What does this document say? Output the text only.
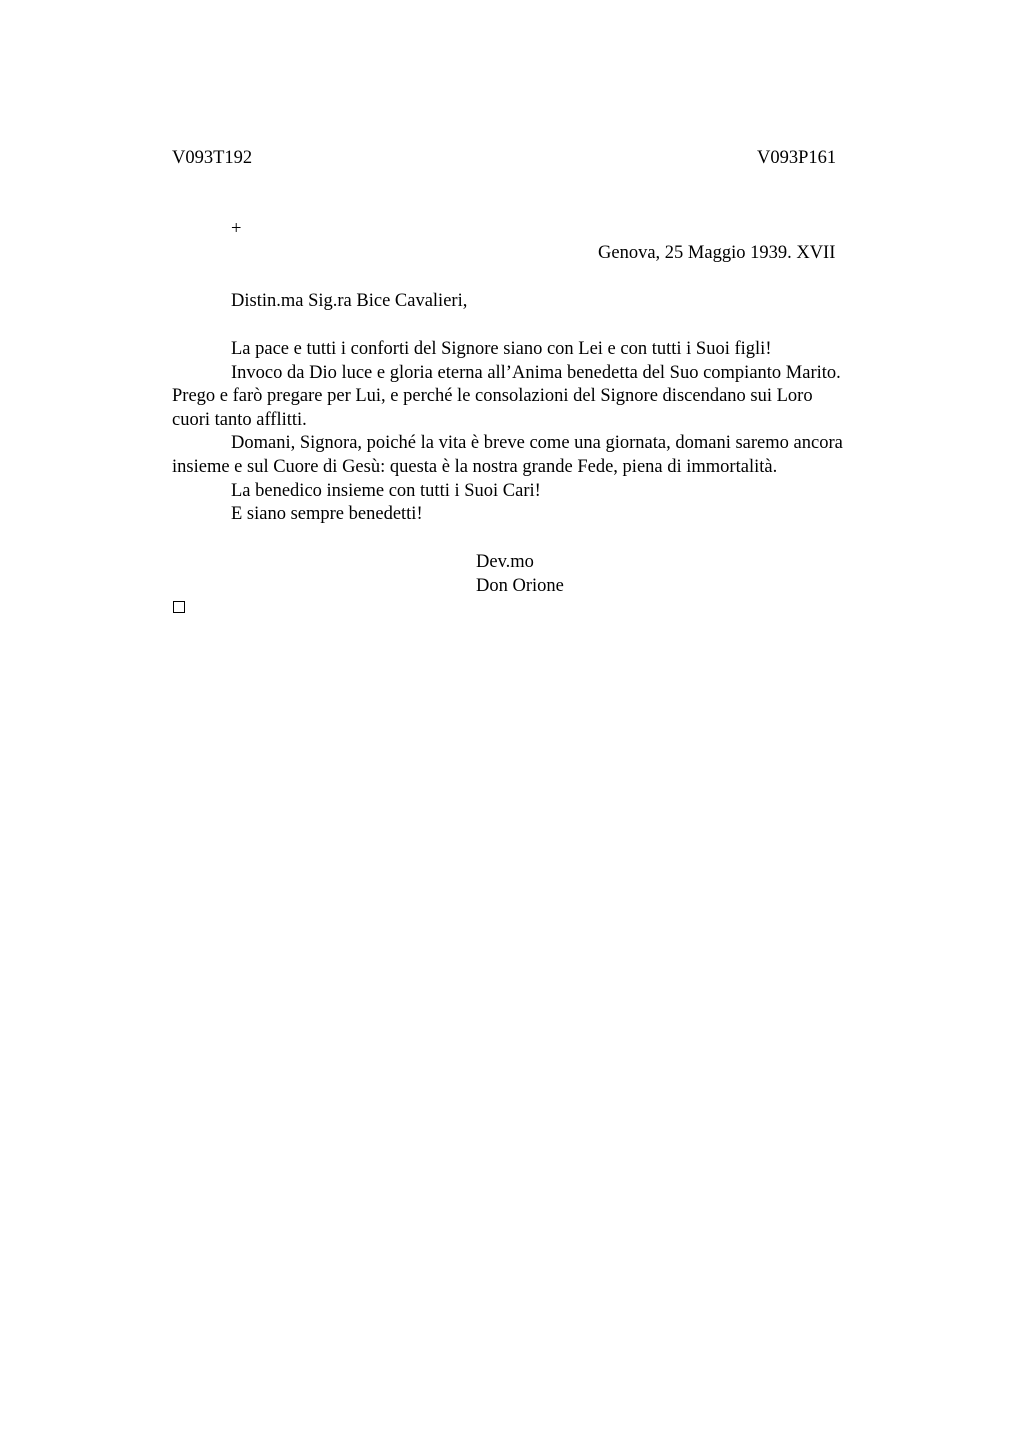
V093T192	V093P161
+
Genova, 25 Maggio 1939. XVII
Distin.ma Sig.ra Bice Cavalieri,

La pace e tutti i conforti del Signore siano con Lei e con tutti i Suoi figli!

Invoco da Dio luce e gloria eterna all’Anima benedetta del Suo compianto Marito.
Prego e farò pregare per Lui, e perché le consolazioni del Signore discendano sui Loro
cuori tanto afflitti.

Domani, Signora, poiché la vita è breve come una giornata, domani saremo ancora
insieme e sul Cuore di Gesù: questa è la nostra grande Fede, piena di immortalità.

La benedico insieme con tutti i Suoi Cari!

E siano sempre benedetti!

Dev.mo
Don Orione
